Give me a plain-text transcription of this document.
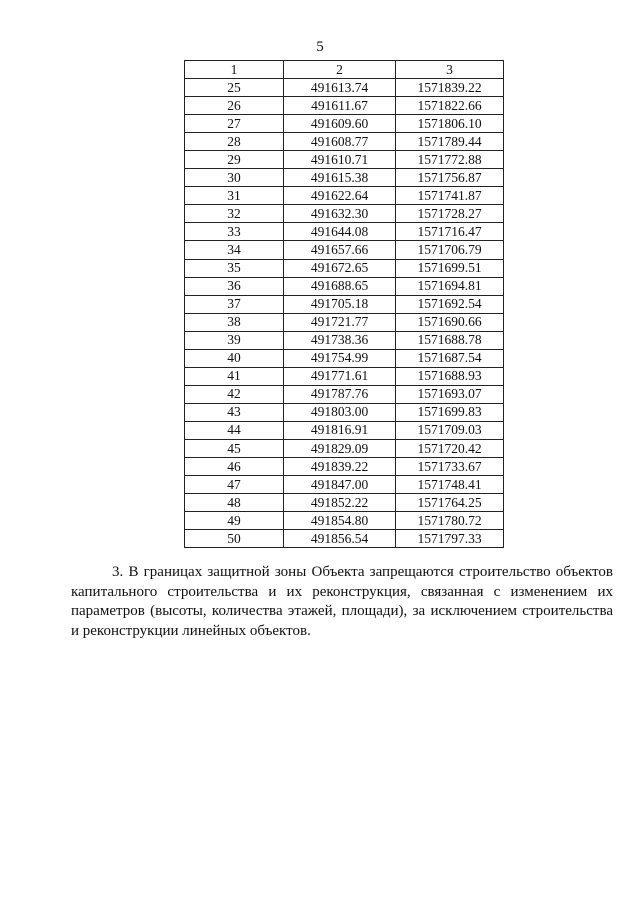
5
1	2	3
25	491613.74	1571839.22
26	491611.67	1571822.66
27	491609.60	1571806.10
28	491608.77	1571789.44
29	491610.71	1571772.88
30	491615.38	1571756.87
31	491622.64	1571741.87
32	491632.30	1571728.27
33	491644.08	1571716.47
34	491657.66	1571706.79
35	491672.65	1571699.51
36	491688.65	1571694.81
37	491705.18	1571692.54
38	491721.77	1571690.66
39	491738.36	1571688.78
40	491754.99	1571687.54
41	491771.61	1571688.93
42	491787.76	1571693.07
43	491803.00	1571699.83
44	491816.91	1571709.03
45	491829.09	1571720.42
46	491839.22	1571733.67
47	491847.00	1571748.41
48	491852.22	1571764.25
49	491854.80	1571780.72
50	491856.54	1571797.33

3. В границах защитной зоны Объекта запрещаются строительство объектов капитального строительства и их реконструкция, связанная с изменением их параметров (высоты, количества этажей, площади), за исключением строительства и реконструкции линейных объектов.
